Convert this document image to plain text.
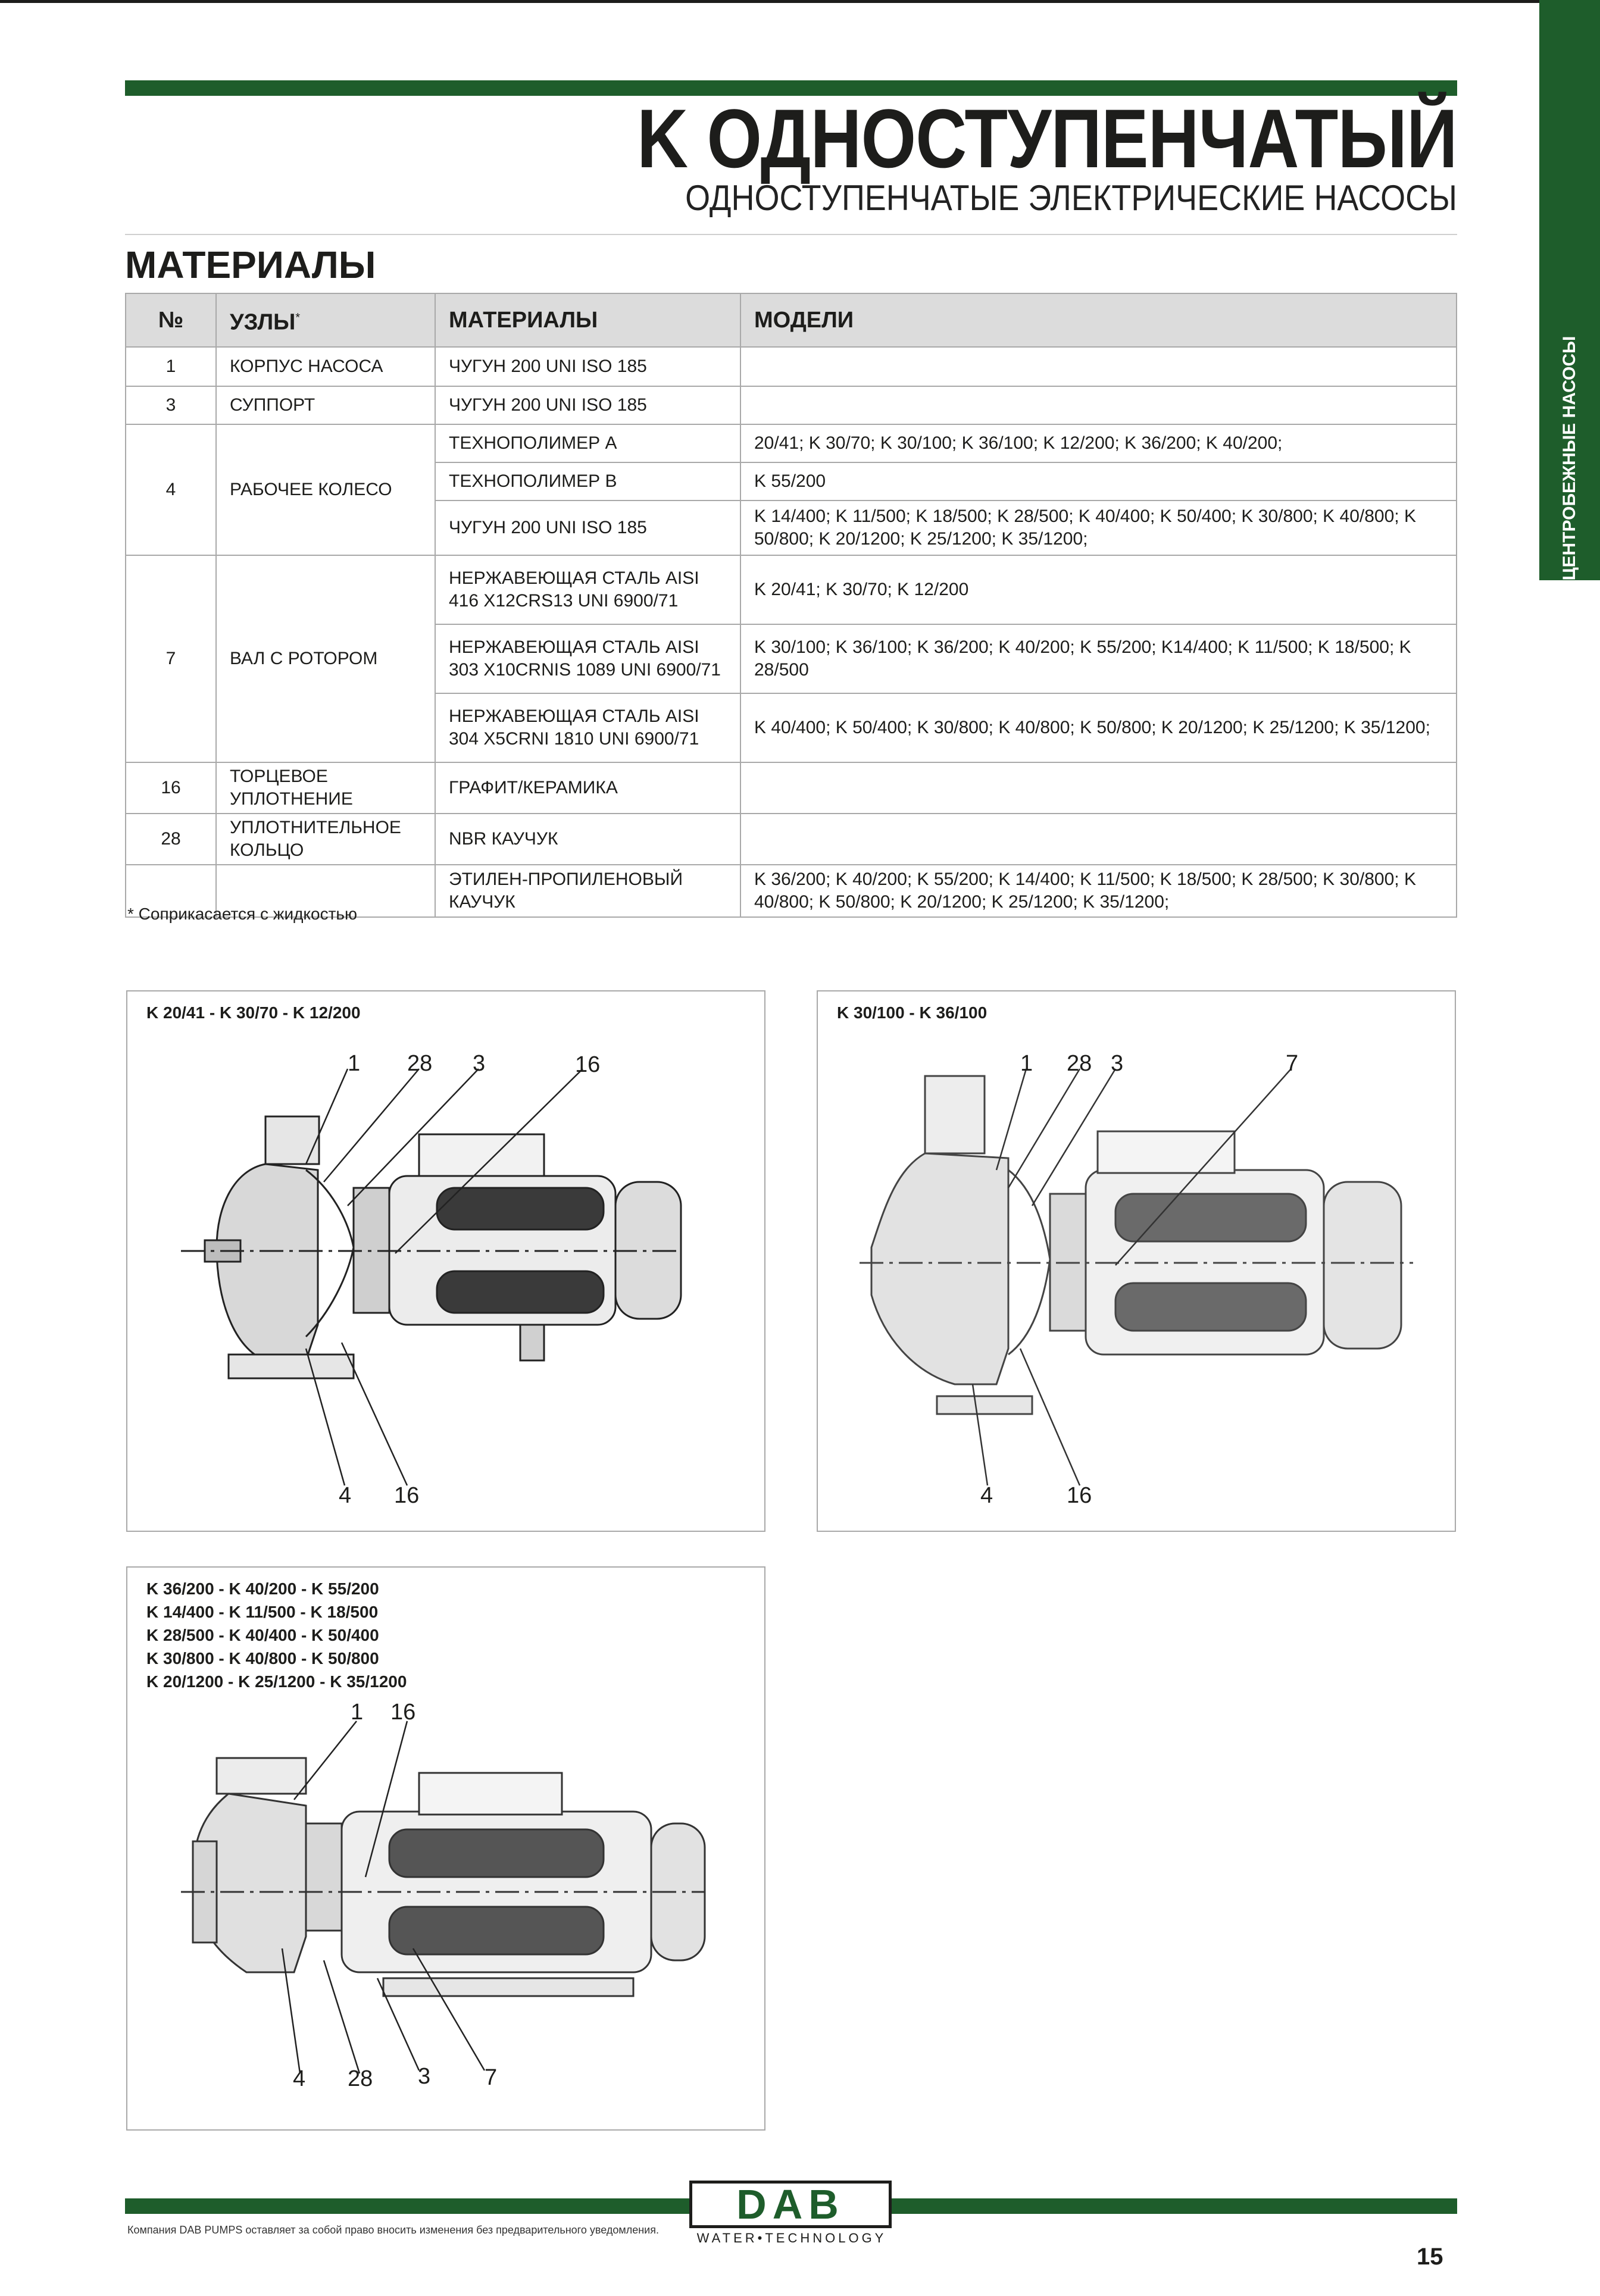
K ОДНОСТУПЕНЧАТЫЙ
ОДНОСТУПЕНЧАТЫЕ ЭЛЕКТРИЧЕСКИЕ НАСОСЫ
МАТЕРИАЛЫ
ЦЕНТРОБЕЖНЫЕ НАСОСЫ
№	УЗЛЫ*	МАТЕРИАЛЫ	МОДЕЛИ
1	КОРПУС НАСОСА	ЧУГУН 200 UNI ISO 185	
3	СУППОРТ	ЧУГУН 200 UNI ISO 185	
4	РАБОЧЕЕ КОЛЕСО	ТЕХНОПОЛИМЕР А	20/41; K 30/70; K 30/100; K 36/100; K 12/200; K 36/200; K 40/200;
		ТЕХНОПОЛИМЕР В	K 55/200
		ЧУГУН 200 UNI ISO 185	K 14/400; K 11/500; K 18/500; K 28/500; K 40/400; K 50/400; K 30/800; K 40/800; K 50/800; K 20/1200; K 25/1200; K 35/1200;
7	ВАЛ С РОТОРОМ	НЕРЖАВЕЮЩАЯ СТАЛЬ AISI 416 X12CRS13 UNI 6900/71	K 20/41; K 30/70; K 12/200
		НЕРЖАВЕЮЩАЯ СТАЛЬ AISI 303 X10CRNIS 1089 UNI 6900/71	K 30/100; K 36/100; K 36/200; K 40/200; K 55/200; K14/400; K 11/500; K 18/500; K 28/500
		НЕРЖАВЕЮЩАЯ СТАЛЬ AISI 304 X5CRNI 1810 UNI 6900/71	K 40/400; K 50/400; K 30/800; K 40/800; K 50/800; K 20/1200; K 25/1200; K 35/1200;
16	ТОРЦЕВОЕ УПЛОТНЕНИЕ	ГРАФИТ/КЕРАМИКА	
28	УПЛОТНИТЕЛЬНОЕ КОЛЬЦО	NBR КАУЧУК	
		ЭТИЛЕН-ПРОПИЛЕНОВЫЙ КАУЧУК	K 36/200; K 40/200; K 55/200; K 14/400; K 11/500; K 18/500; K 28/500; K 30/800; K 40/800; K 50/800; K 20/1200; K 25/1200; K 35/1200;
* Соприкасается с жидкостью
K 20/41 - K 30/70 - K 12/200
1 28 3	16
4 16
K 30/100 - K 36/100
1 28 3	7
4	16
K 36/200 - K 40/200 - K 55/200
K 14/400 - K 11/500 - K 18/500
K 28/500 - K 40/400 - K 50/400
K 30/800 - K 40/800 - K 50/800
K 20/1200 - K 25/1200 - K 35/1200
1 16
4 28 3 7
DAB
WATER•TECHNOLOGY
Компания DAB PUMPS оставляет за собой право вносить изменения без предварительного уведомления.
15
